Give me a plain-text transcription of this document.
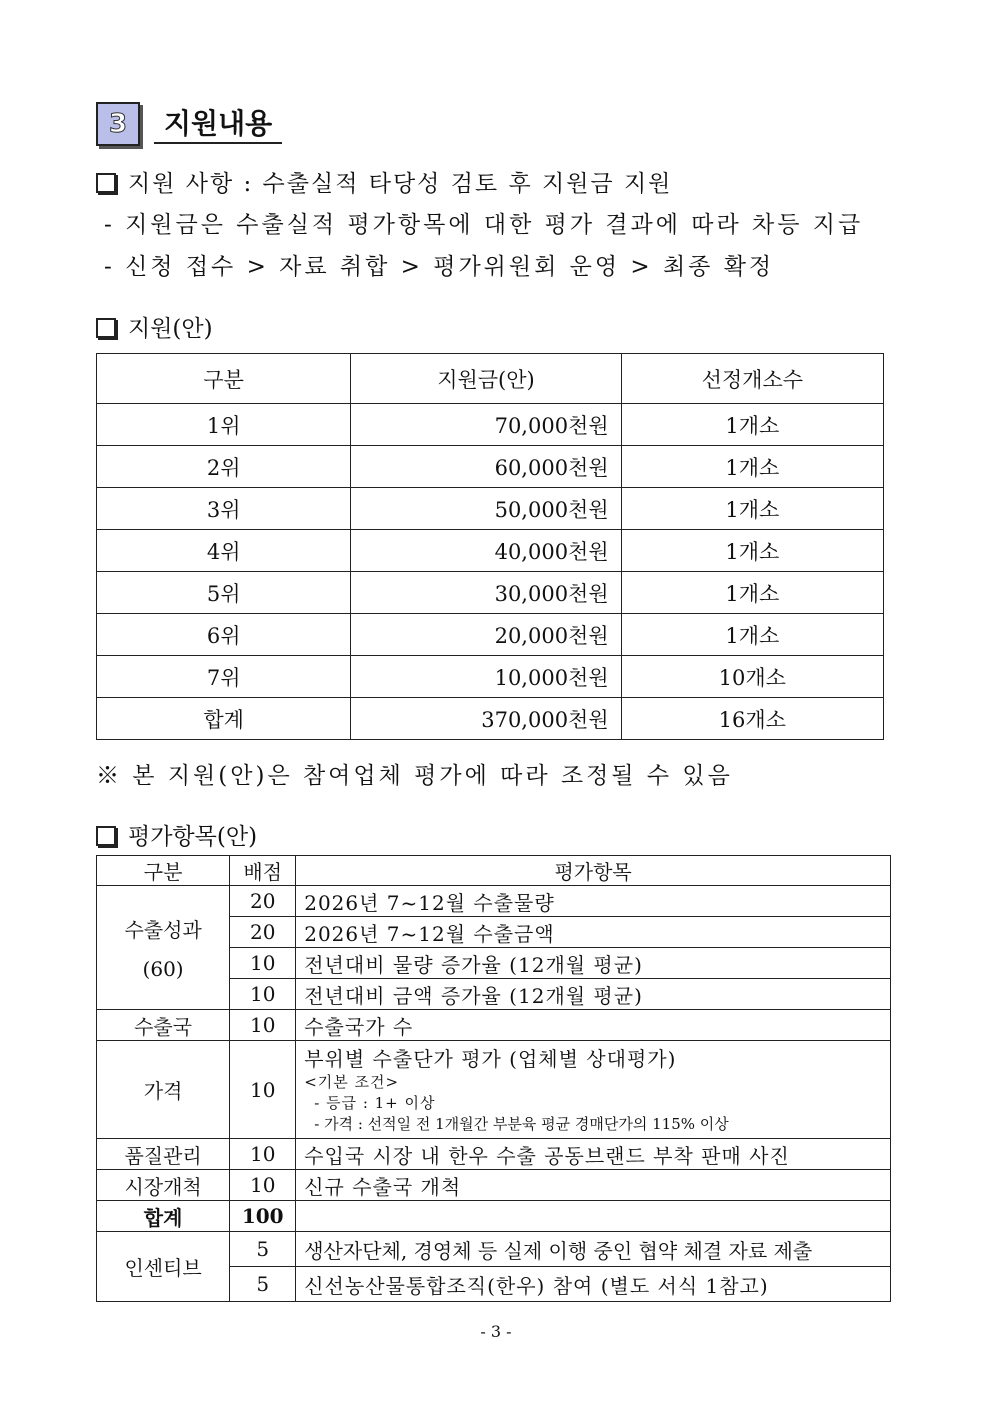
3	지원내용
지원 사항 : 수출실적 타당성 검토 후 지원금 지원
- 지원금은 수출실적 평가항목에 대한 평가 결과에 따라 차등 지급
- 신청 접수 > 자료 취합 > 평가위원회 운영 > 최종 확정
지원(안)
구분	지원금(안)	선정개소수
1위	70,000천원	1개소
2위	60,000천원	1개소
3위	50,000천원	1개소
4위	40,000천원	1개소
5위	30,000천원	1개소
6위	20,000천원	1개소
7위	10,000천원	10개소
합계	370,000천원	16개소
※ 본 지원(안)은 참여업체 평가에 따라 조정될 수 있음
평가항목(안)
구분	배점	평가항목

수출성과
(60)	20	2026년 7~12월 수출물량
	20	2026년 7~12월 수출금액
	10	전년대비 물량 증가율 (12개월 평균)
	10	전년대비 금액 증가율 (12개월 평균)
수출국	10	수출국가 수
가격	10	부위별 수출단가 평가 (업체별 상대평가)
<기본 조건>
- 등급 : 1+ 이상
- 가격 : 선적일 전 1개월간 부분육 평균 경매단가의 115% 이상

품질관리	10	수입국 시장 내 한우 수출 공동브랜드 부착 판매 사진
시장개척	10	신규 수출국 개척
합계	100	
인센티브	5	생산자단체, 경영체 등 실제 이행 중인 협약 체결 자료 제출
	5	신선농산물통합조직(한우) 참여 (별도 서식 1참고)
- 3 -
